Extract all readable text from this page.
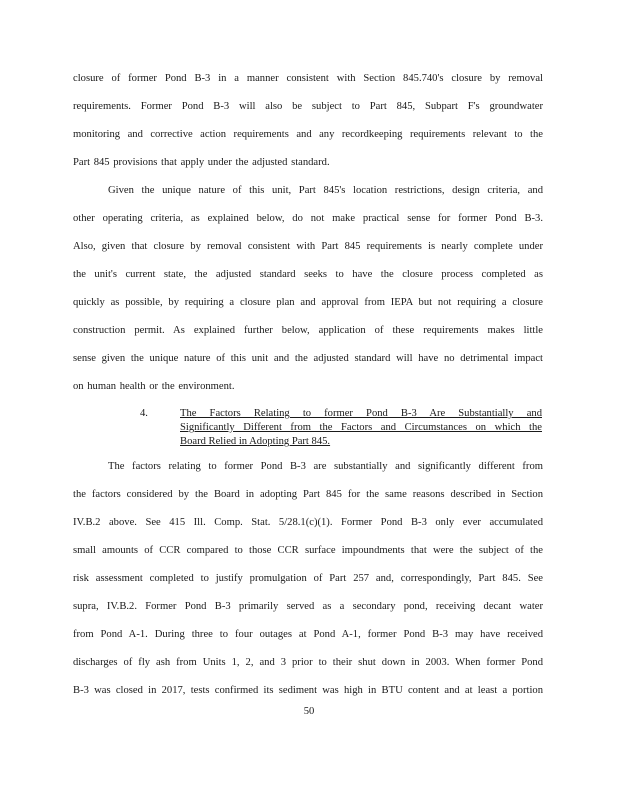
closure of former Pond B-3 in a manner consistent with Section 845.740's closure by removal
requirements. Former Pond B-3 will also be subject to Part 845, Subpart F's groundwater
monitoring and corrective action requirements and any recordkeeping requirements relevant to the
Part 845 provisions that apply under the adjusted standard.
Given the unique nature of this unit, Part 845's location restrictions, design criteria, and
other operating criteria, as explained below, do not make practical sense for former Pond B-3.
Also, given that closure by removal consistent with Part 845 requirements is nearly complete under
the unit's current state, the adjusted standard seeks to have the closure process completed as
quickly as possible, by requiring a closure plan and approval from IEPA but not requiring a closure
construction permit. As explained further below, application of these requirements makes little
sense given the unique nature of this unit and the adjusted standard will have no detrimental impact
on human health or the environment.
4.	The Factors Relating to former Pond B-3 Are Substantially and
Significantly Different from the Factors and Circumstances on which the
Board Relied in Adopting Part 845.
The factors relating to former Pond B-3 are substantially and significantly different from
the factors considered by the Board in adopting Part 845 for the same reasons described in Section
IV.B.2 above. See 415 Ill. Comp. Stat. 5/28.1(c)(1). Former Pond B-3 only ever accumulated
small amounts of CCR compared to those CCR surface impoundments that were the subject of the
risk assessment completed to justify promulgation of Part 257 and, correspondingly, Part 845. See
supra, IV.B.2. Former Pond B-3 primarily served as a secondary pond, receiving decant water
from Pond A-1. During three to four outages at Pond A-1, former Pond B-3 may have received
discharges of fly ash from Units 1, 2, and 3 prior to their shut down in 2003. When former Pond
B-3 was closed in 2017, tests confirmed its sediment was high in BTU content and at least a portion
50
